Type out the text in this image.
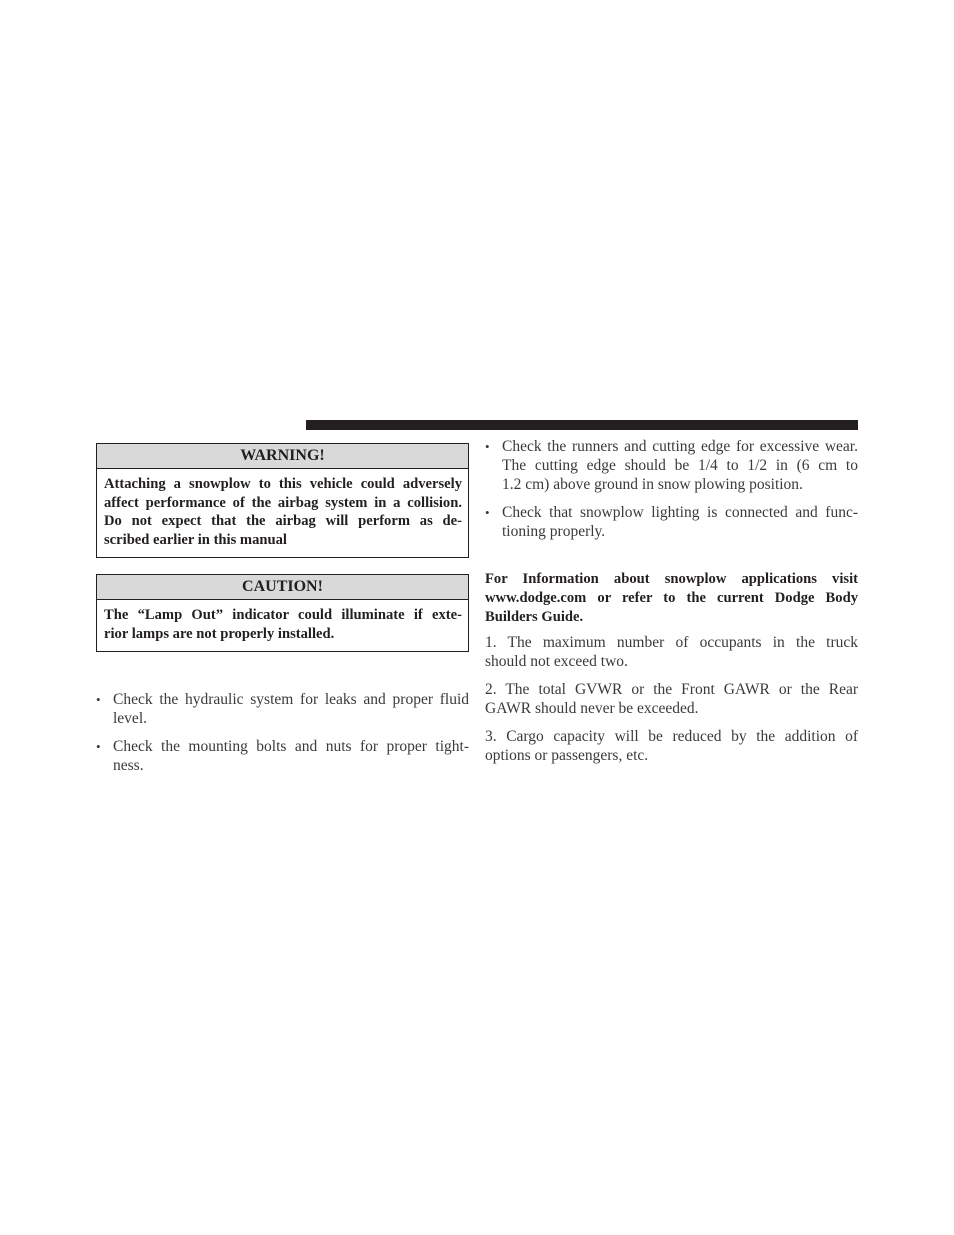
WARNING!
Attaching a snowplow to this vehicle could adversely
affect performance of the airbag system in a collision.
Do not expect that the airbag will perform as de-
scribed earlier in this manual
CAUTION!
The “Lamp Out” indicator could illuminate if exte-
rior lamps are not properly installed.
• Check the hydraulic system for leaks and proper fluid
level.
• Check the mounting bolts and nuts for proper tight-
ness.
• Check the runners and cutting edge for excessive wear.
The cutting edge should be 1/4 to 1/2 in (6 cm to
1.2 cm) above ground in snow plowing position.
• Check that snowplow lighting is connected and func-
tioning properly.
For Information about snowplow applications visit
www.dodge.com or refer to the current Dodge Body
Builders Guide.
1. The maximum number of occupants in the truck
should not exceed two.
2. The total GVWR or the Front GAWR or the Rear
GAWR should never be exceeded.
3. Cargo capacity will be reduced by the addition of
options or passengers, etc.
